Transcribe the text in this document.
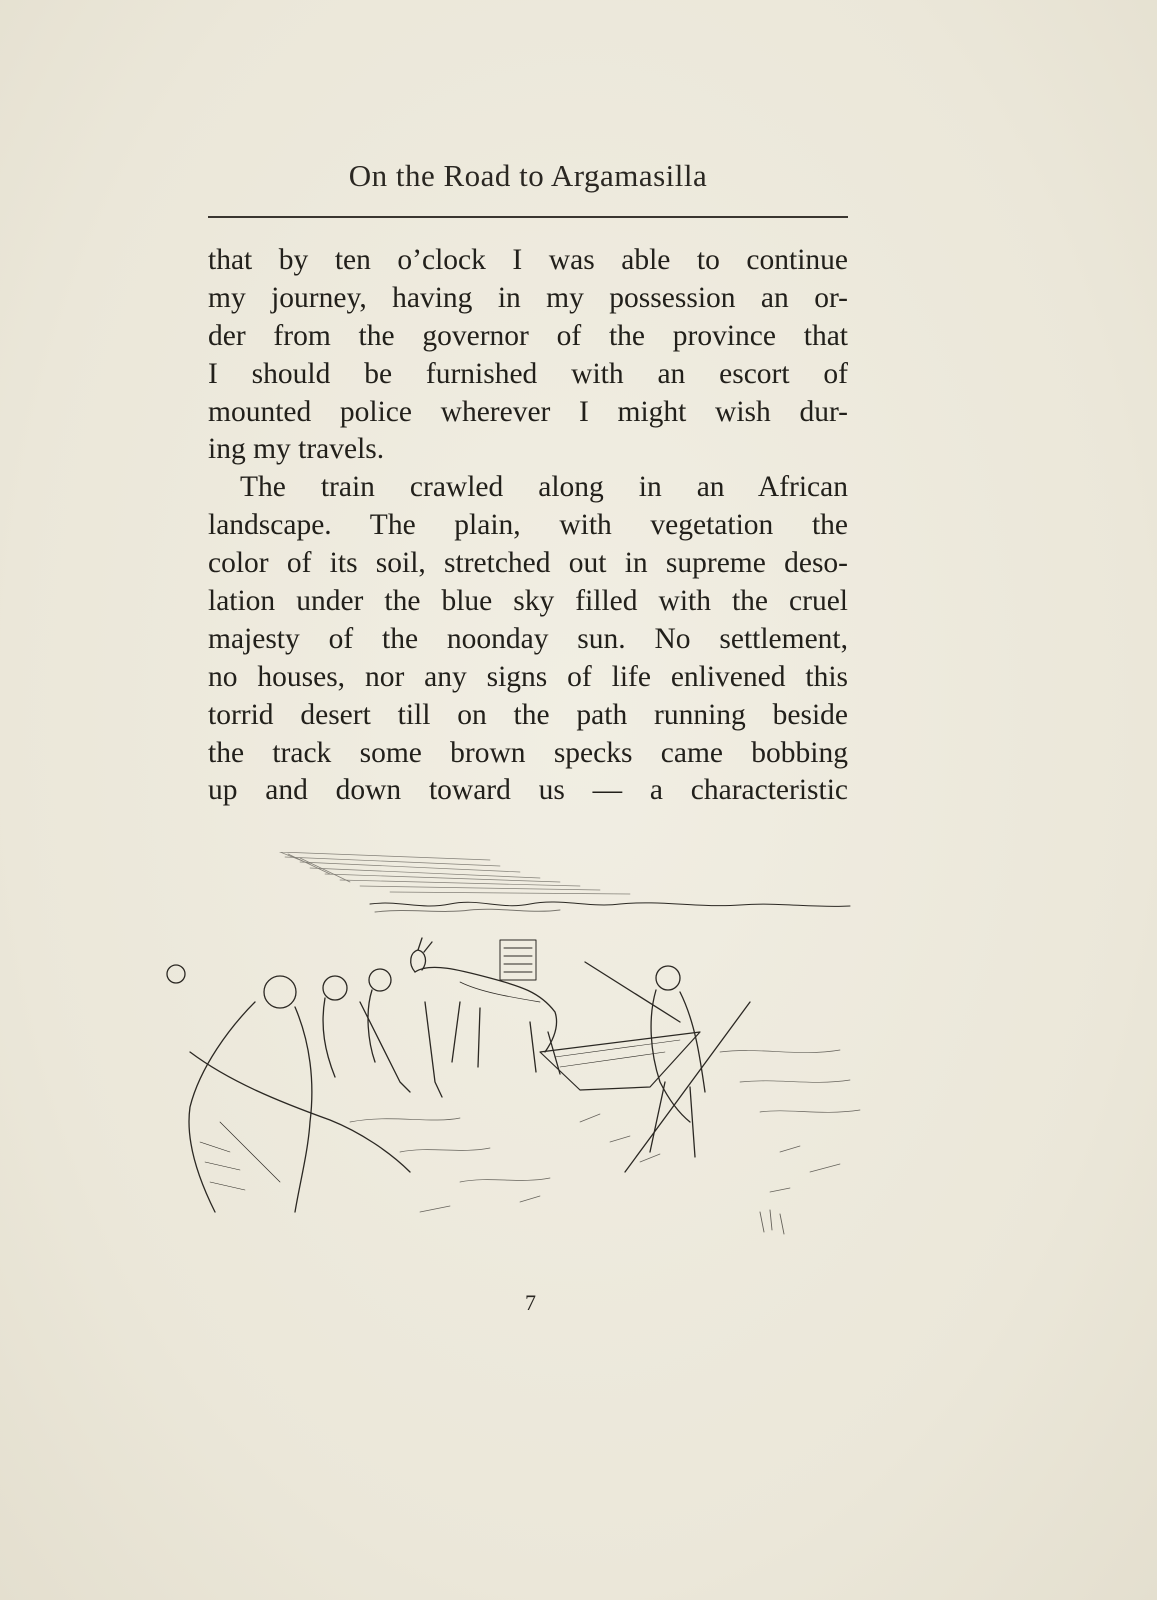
On the Road to Argamasilla
that by ten o’clock I was able to continue
my journey, having in my possession an or-
der from the governor of the province that
I should be furnished with an escort of
mounted police wherever I might wish dur-
ing my travels.
The train crawled along in an African
landscape. The plain, with vegetation the
color of its soil, stretched out in supreme deso-
lation under the blue sky filled with the cruel
majesty of the noonday sun. No settlement,
no houses, nor any signs of life enlivened this
torrid desert till on the path running beside
the track some brown specks came bobbing
up and down toward us — a characteristic
7
